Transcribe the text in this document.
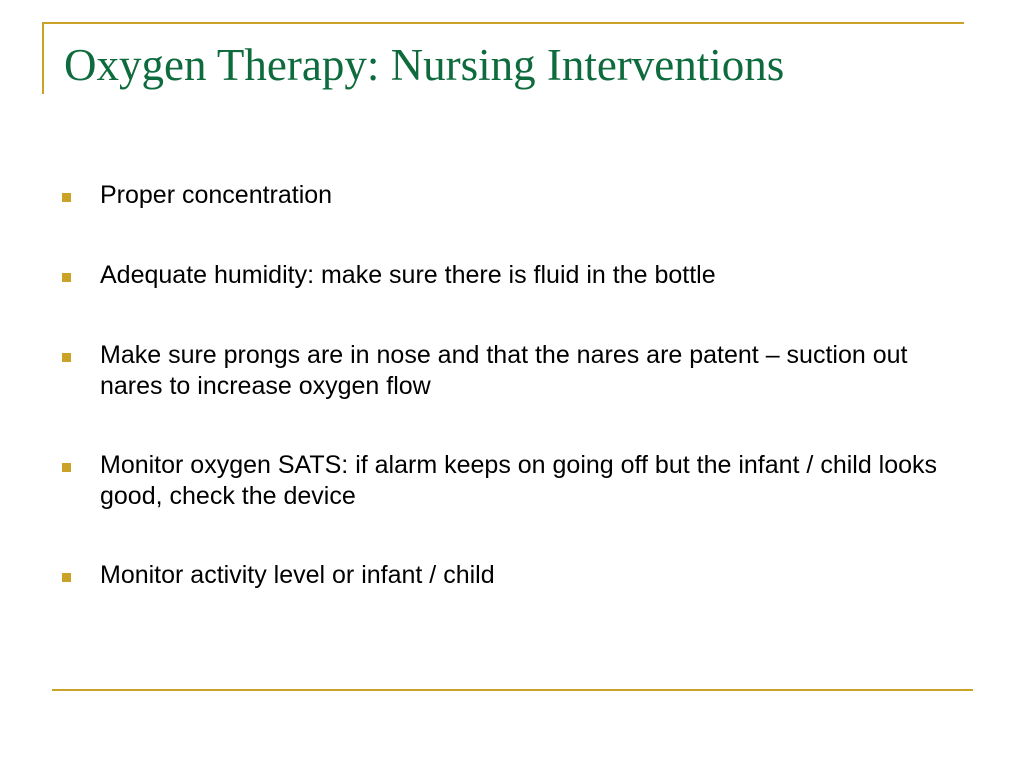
Oxygen Therapy: Nursing Interventions
Proper concentration
Adequate humidity: make sure there is fluid in the bottle
Make sure prongs are in nose and that the nares are patent – suction out nares to increase oxygen flow
Monitor oxygen SATS: if alarm keeps on going off but the infant / child looks good, check the device
Monitor activity level or infant / child
